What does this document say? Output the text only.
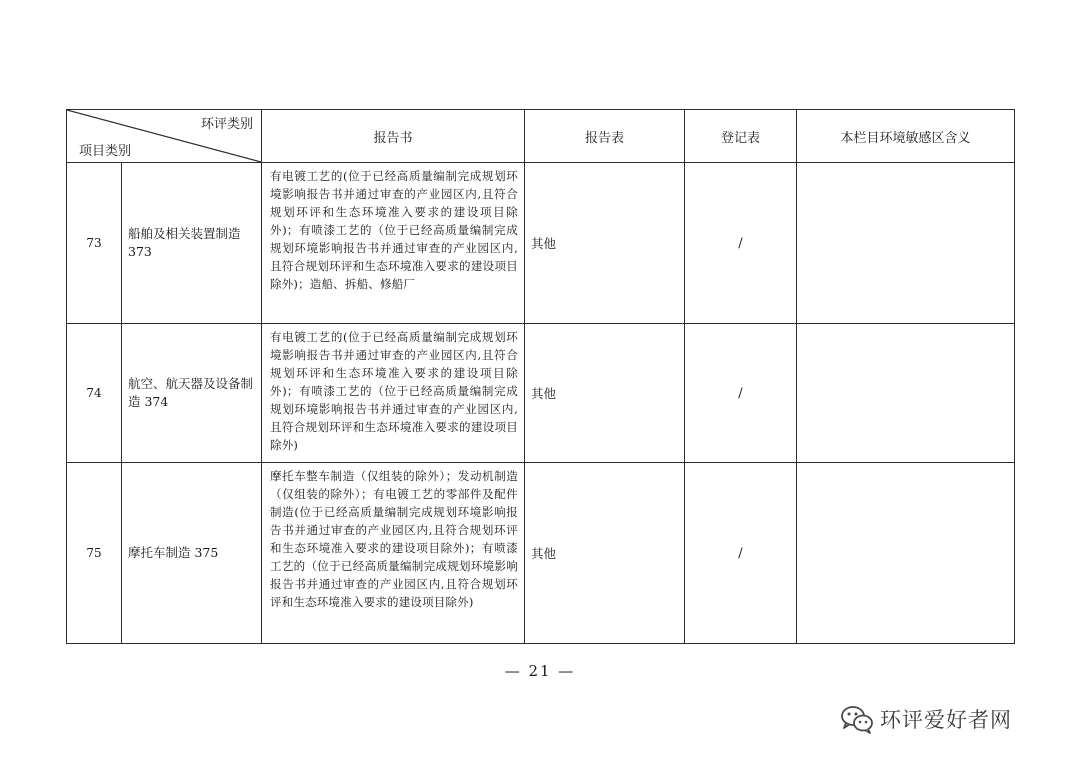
环评类别
项目类别		报告书	报告表	登记表	本栏目环境敏感区含义
73	船舶及相关装置制造 373	有电镀工艺的(位于已经高质量编制完成规划环境影响报告书并通过审查的产业园区内,且符合规划环评和生态环境准入要求的建设项目除外)；有喷漆工艺的（位于已经高质量编制完成规划环境影响报告书并通过审查的产业园区内,且符合规划环评和生态环境准入要求的建设项目除外)；造船、拆船、修船厂	其他	/	
74	航空、航天器及设备制造 374	有电镀工艺的(位于已经高质量编制完成规划环境影响报告书并通过审查的产业园区内,且符合规划环评和生态环境准入要求的建设项目除外)；有喷漆工艺的（位于已经高质量编制完成规划环境影响报告书并通过审查的产业园区内,且符合规划环评和生态环境准入要求的建设项目除外)	其他	/	
75	摩托车制造 375	摩托车整车制造（仅组装的除外）；发动机制造（仅组装的除外）；有电镀工艺的零部件及配件制造(位于已经高质量编制完成规划环境影响报告书并通过审查的产业园区内,且符合规划环评和生态环境准入要求的建设项目除外)；有喷漆工艺的（位于已经高质量编制完成规划环境影响报告书并通过审查的产业园区内,且符合规划环评和生态环境准入要求的建设项目除外)	其他	/	
— 21 —
环评爱好者网
